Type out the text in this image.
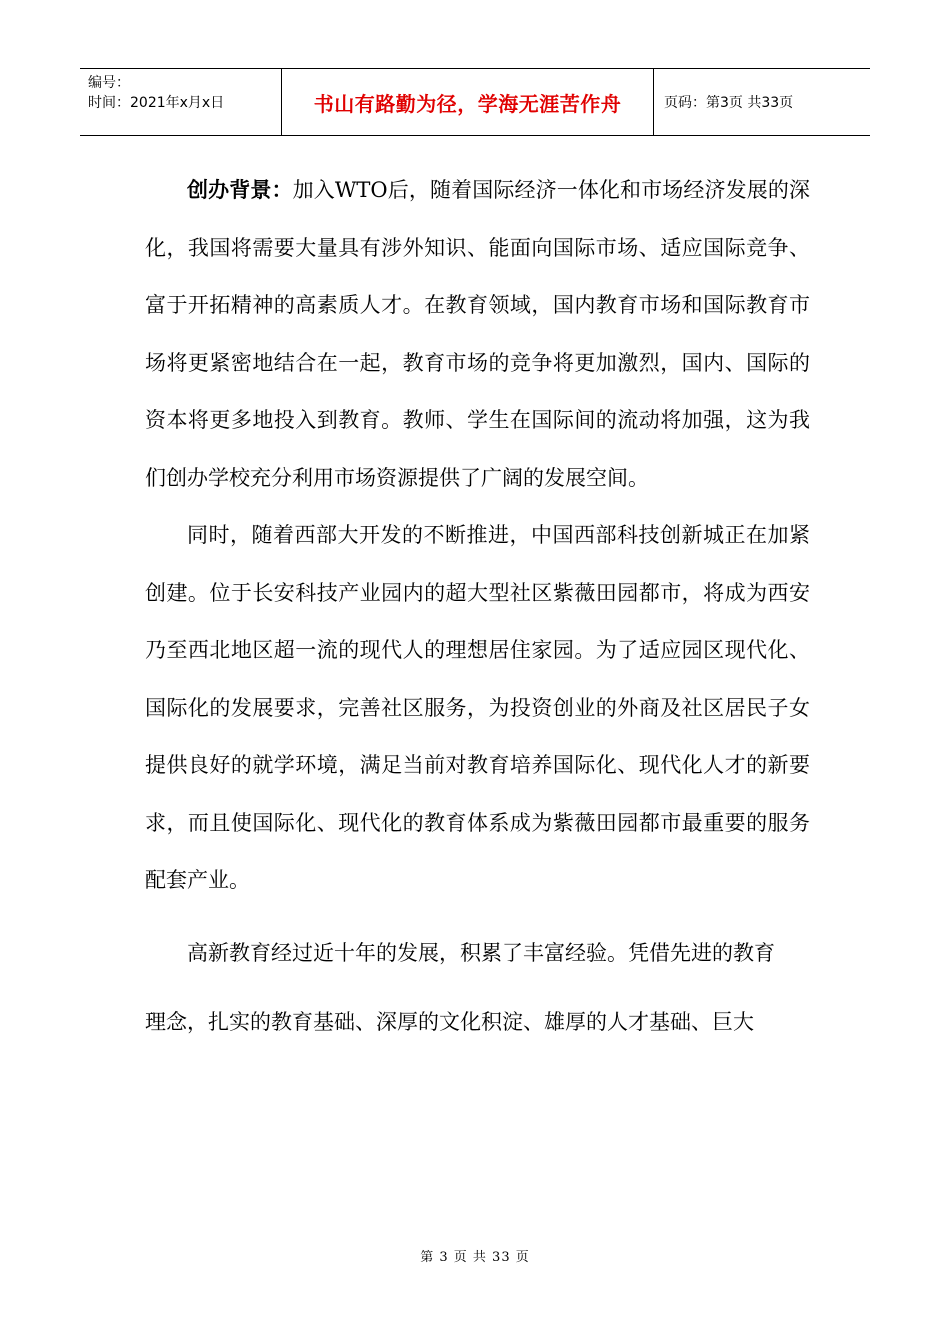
编号：
时间：2021年x月x日	书山有路勤为径，学海无涯苦作舟	页码：第3页 共33页

创办背景：加入WTO后，随着国际经济一体化和市场经济发展的深化，我国将需要大量具有涉外知识、能面向国际市场、适应国际竞争、富于开拓精神的高素质人才。在教育领域，国内教育市场和国际教育市场将更紧密地结合在一起，教育市场的竞争将更加激烈，国内、国际的资本将更多地投入到教育。教师、学生在国际间的流动将加强，这为我们创办学校充分利用市场资源提供了广阔的发展空间。

同时，随着西部大开发的不断推进，中国西部科技创新城正在加紧创建。位于长安科技产业园内的超大型社区紫薇田园都市，将成为西安乃至西北地区超一流的现代人的理想居住家园。为了适应园区现代化、国际化的发展要求，完善社区服务，为投资创业的外商及社区居民子女提供良好的就学环境，满足当前对教育培养国际化、现代化人才的新要求，而且使国际化、现代化的教育体系成为紫薇田园都市最重要的服务配套产业。

高新教育经过近十年的发展，积累了丰富经验。凭借先进的教育

理念，扎实的教育基础、深厚的文化积淀、雄厚的人才基础、巨大

第 3 页 共 33 页
